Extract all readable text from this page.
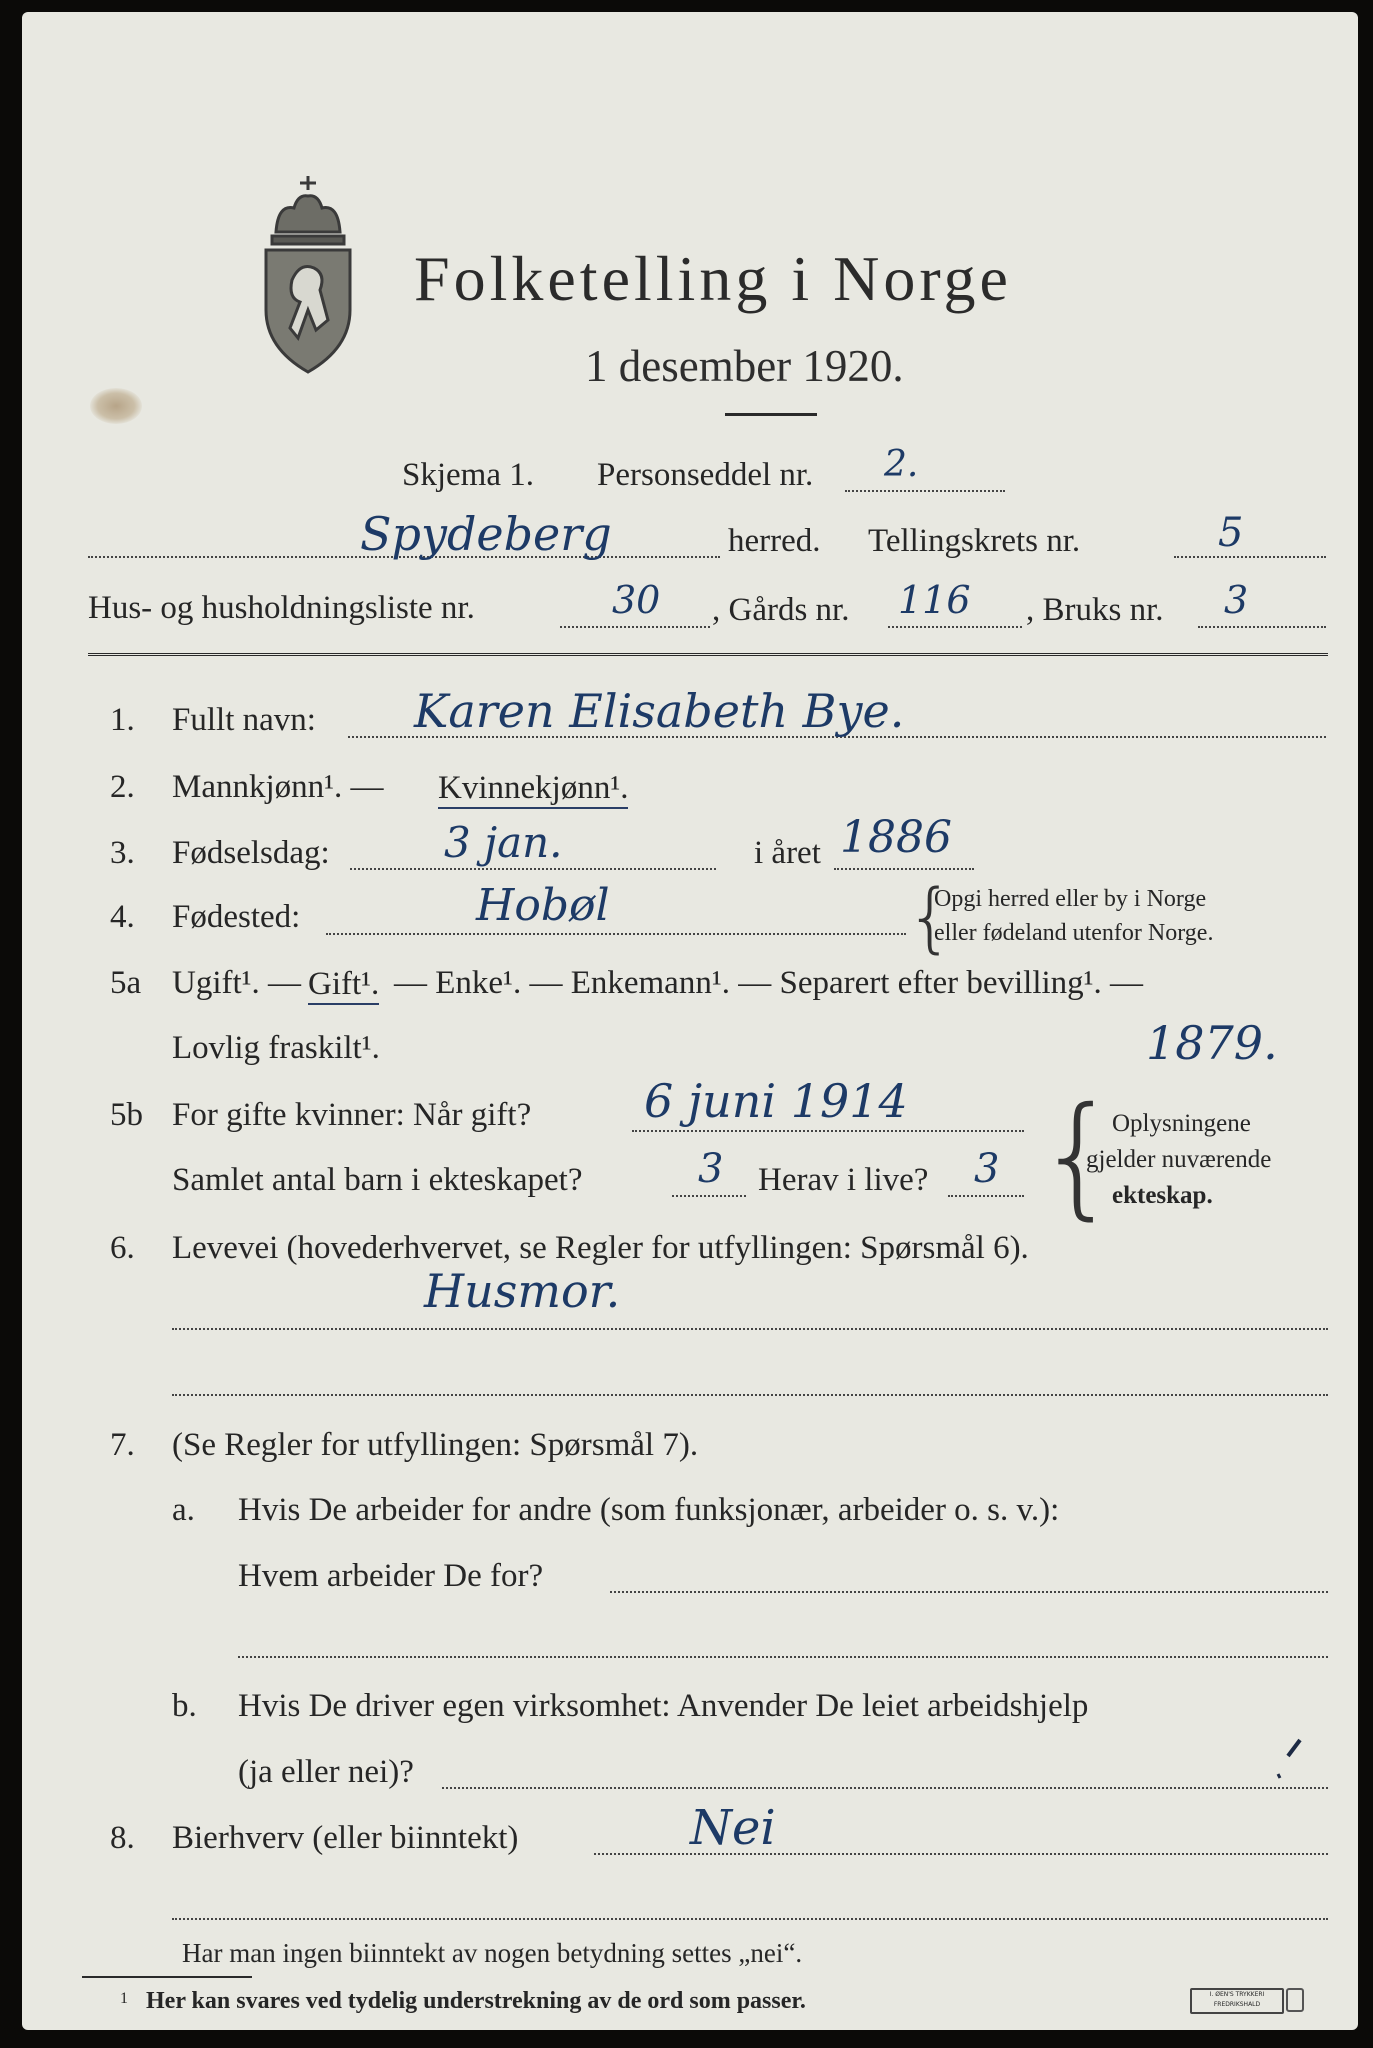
Folketelling i Norge
1 desember 1920.
Skjema 1. Personseddel nr. 2.
Spydeberg	herred. Tellingskrets nr.	5
Hus- og husholdningsliste nr.	30 , Gårds nr. 116 , Bruks nr. 3
1. Fullt navn: Karen Elisabeth Bye.
2. Mannkjønn¹. — Kvinnekjønn¹.
3. Fødselsdag:	3 jan.	i året 1886
4. Fødested:	Hobøl	{
Opgi herred eller by i Norge
eller fødeland utenfor Norge.
5a Ugift¹. — Gift¹. — Enke¹. — Enkemann¹. — Separert efter bevilling¹. —
Lovlig fraskilt¹.	1879.
5b For gifte kvinner: Når gift? 6 juni 1914
Samlet antal barn i ekteskapet?	3 Herav i live? 3 {
Oplysningene
gjelder nuværende
ekteskap.
6. Levevei (hovederhvervet, se Regler for utfyllingen: Spørsmål 6).
Husmor.
7. (Se Regler for utfyllingen: Spørsmål 7).
a. Hvis De arbeider for andre (som funksjonær, arbeider o. s. v.):
Hvem arbeider De for?
b. Hvis De driver egen virksomhet: Anvender De leiet arbeidshjelp
(ja eller nei)?
8. Bierhverv (eller biinntekt)	Nei
Har man ingen biinntekt av nogen betydning settes „nei“.
1 Her kan svares ved tydelig understrekning av de ord som passer.	I. ØEN'S TRYKKERI FREDRIKSHALD
